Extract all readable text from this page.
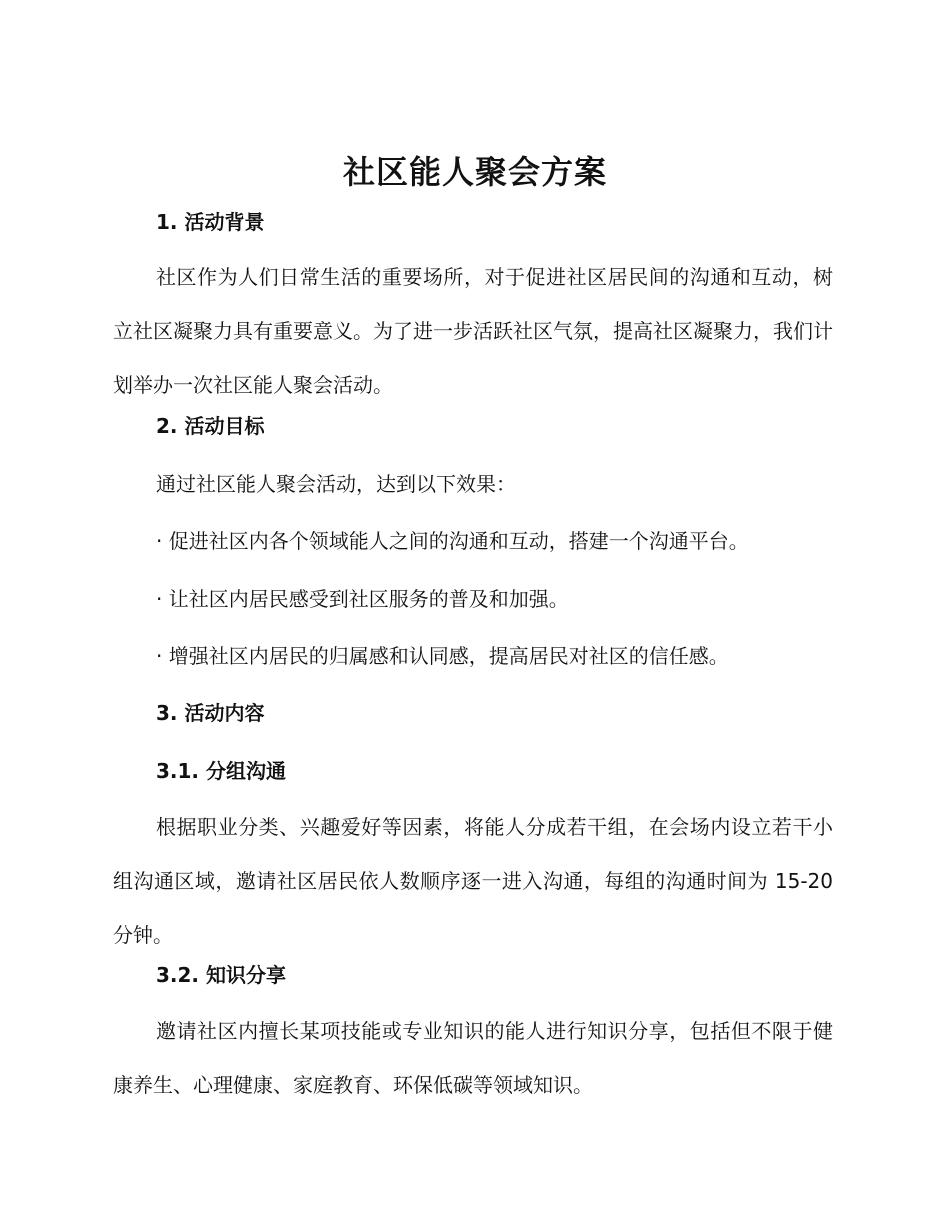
社区能人聚会方案
1. 活动背景
社区作为人们日常生活的重要场所，对于促进社区居民间的沟通和互动，树立社区凝聚力具有重要意义。为了进一步活跃社区气氛，提高社区凝聚力，我们计划举办一次社区能人聚会活动。
2. 活动目标
通过社区能人聚会活动，达到以下效果：
· 促进社区内各个领域能人之间的沟通和互动，搭建一个沟通平台。
· 让社区内居民感受到社区服务的普及和加强。
· 增强社区内居民的归属感和认同感，提高居民对社区的信任感。
3. 活动内容
3.1. 分组沟通
根据职业分类、兴趣爱好等因素，将能人分成若干组，在会场内设立若干小组沟通区域，邀请社区居民依人数顺序逐一进入沟通，每组的沟通时间为 15-20 分钟。
3.2. 知识分享
邀请社区内擅长某项技能或专业知识的能人进行知识分享，包括但不限于健康养生、心理健康、家庭教育、环保低碳等领域知识。
